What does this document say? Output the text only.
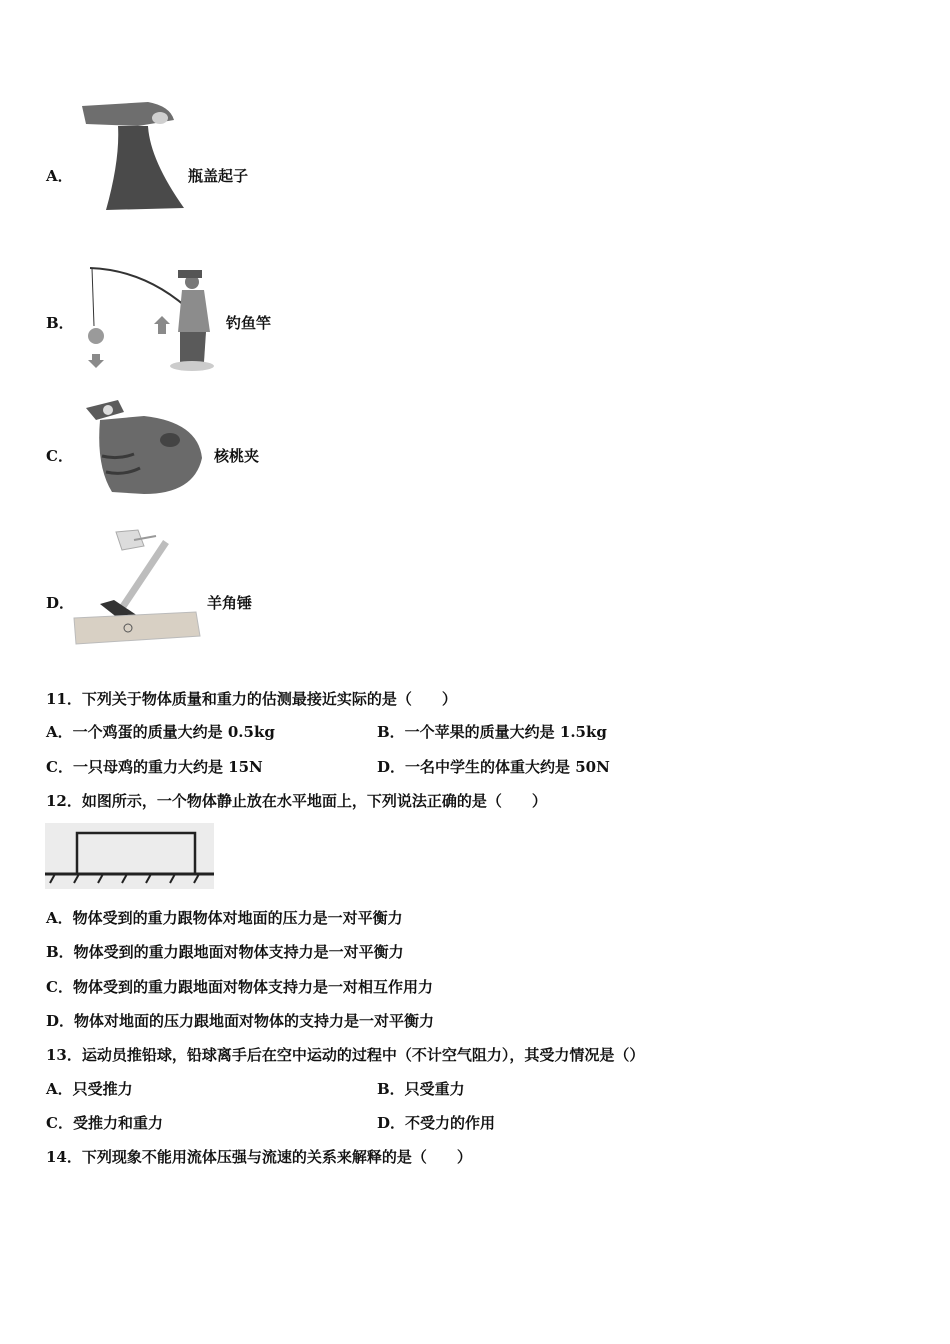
A．	瓶盖起子
B．	钓鱼竿
C．	核桃夹
D．	羊角锤
11．下列关于物体质量和重力的估测最接近实际的是（　　）
A．一个鸡蛋的质量大约是 0.5kg	B．一个苹果的质量大约是 1.5kg
C．一只母鸡的重力大约是 15N	D．一名中学生的体重大约是 50N
12．如图所示，一个物体静止放在水平地面上，下列说法正确的是（　　）
A．物体受到的重力跟物体对地面的压力是一对平衡力
B．物体受到的重力跟地面对物体支持力是一对平衡力
C．物体受到的重力跟地面对物体支持力是一对相互作用力
D．物体对地面的压力跟地面对物体的支持力是一对平衡力
13．运动员推铅球，铅球离手后在空中运动的过程中（不计空气阻力），其受力情况是（）
A．只受推力	B．只受重力
C．受推力和重力	D．不受力的作用
14．下列现象不能用流体压强与流速的关系来解释的是（　　）
